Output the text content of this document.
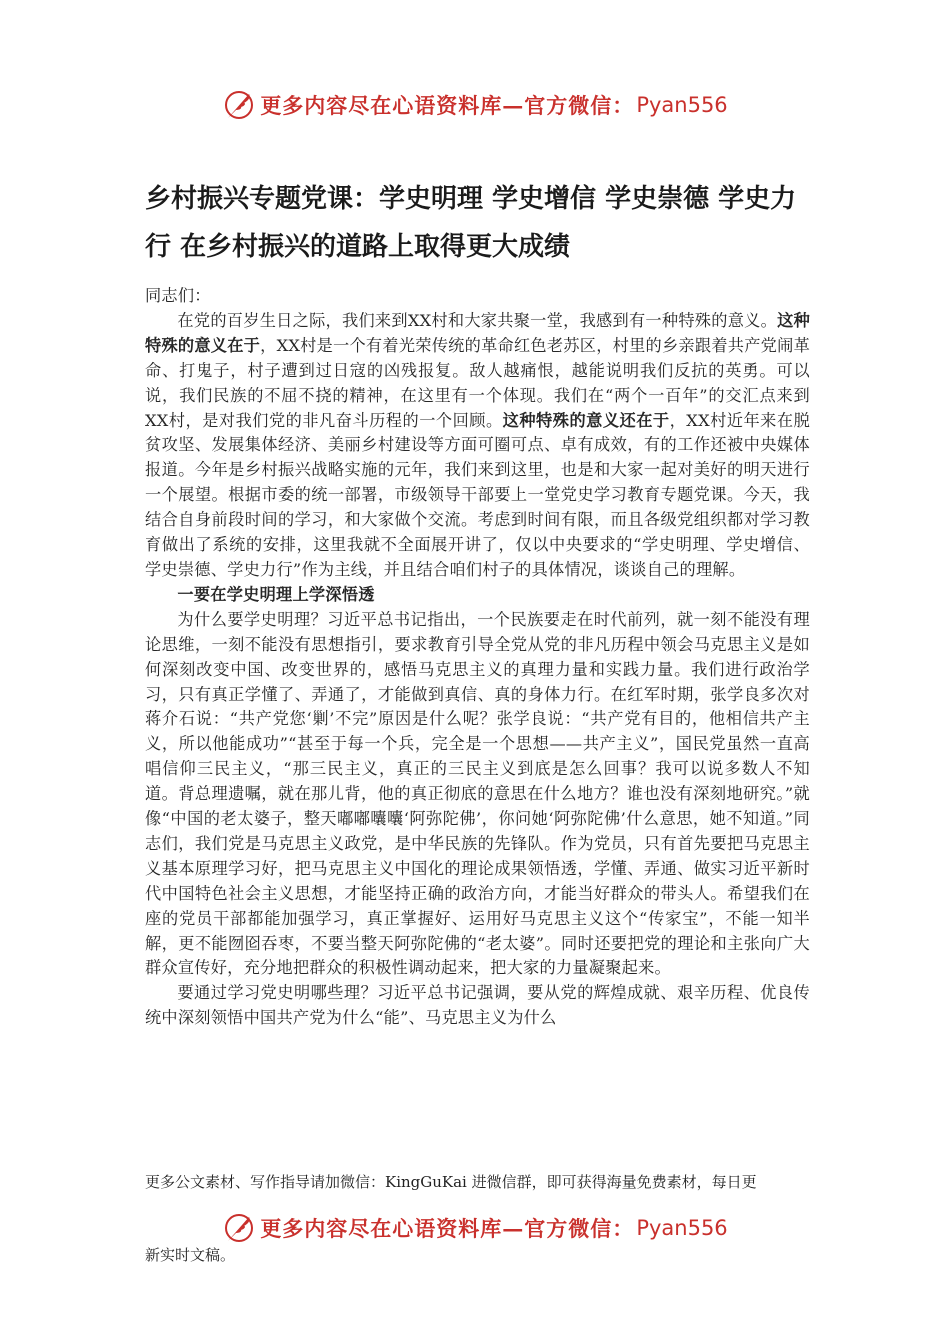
更多内容尽在心语资料库—官方微信： Pyan556
乡村振兴专题党课：学史明理 学史增信 学史崇德 学史力行 在乡村振兴的道路上取得更大成绩

同志们：

在党的百岁生日之际，我们来到XX村和大家共聚一堂，我感到有一种特殊的意义。这种特殊的意义在于，XX村是一个有着光荣传统的革命红色老苏区，村里的乡亲跟着共产党闹革命、打鬼子，村子遭到过日寇的凶残报复。敌人越痛恨，越能说明我们反抗的英勇。可以说，我们民族的不屈不挠的精神，在这里有一个体现。我们在“两个一百年”的交汇点来到XX村，是对我们党的非凡奋斗历程的一个回顾。这种特殊的意义还在于，XX村近年来在脱贫攻坚、发展集体经济、美丽乡村建设等方面可圈可点、卓有成效，有的工作还被中央媒体报道。今年是乡村振兴战略实施的元年，我们来到这里，也是和大家一起对美好的明天进行一个展望。根据市委的统一部署，市级领导干部要上一堂党史学习教育专题党课。今天，我结合自身前段时间的学习，和大家做个交流。考虑到时间有限，而且各级党组织都对学习教育做出了系统的安排，这里我就不全面展开讲了，仅以中央要求的“学史明理、学史增信、学史崇德、学史力行”作为主线，并且结合咱们村子的具体情况，谈谈自己的理解。

一要在学史明理上学深悟透

为什么要学史明理？习近平总书记指出，一个民族要走在时代前列，就一刻不能没有理论思维，一刻不能没有思想指引，要求教育引导全党从党的非凡历程中领会马克思主义是如何深刻改变中国、改变世界的，感悟马克思主义的真理力量和实践力量。我们进行政治学习，只有真正学懂了、弄通了，才能做到真信、真的身体力行。在红军时期，张学良多次对蒋介石说：“共产党您‘剿’不完”原因是什么呢？张学良说：“共产党有目的，他相信共产主义，所以他能成功”“甚至于每一个兵，完全是一个思想——共产主义”，国民党虽然一直高唱信仰三民主义，“那三民主义，真正的三民主义到底是怎么回事？我可以说多数人不知道。背总理遗嘱，就在那儿背，他的真正彻底的意思在什么地方？谁也没有深刻地研究。”就像“中国的老太婆子，整天嘟嘟囔囔‘阿弥陀佛’，你问她‘阿弥陀佛’什么意思，她不知道。”同志们，我们党是马克思主义政党，是中华民族的先锋队。作为党员，只有首先要把马克思主义基本原理学习好，把马克思主义中国化的理论成果领悟透，学懂、弄通、做实习近平新时代中国特色社会主义思想，才能坚持正确的政治方向，才能当好群众的带头人。希望我们在座的党员干部都能加强学习，真正掌握好、运用好马克思主义这个“传家宝”，不能一知半解，更不能囫囵吞枣，不要当整天阿弥陀佛的“老太婆”。同时还要把党的理论和主张向广大群众宣传好，充分地把群众的积极性调动起来，把大家的力量凝聚起来。

要通过学习党史明哪些理？习近平总书记强调，要从党的辉煌成就、艰辛历程、优良传统中深刻领悟中国共产党为什么“能”、马克思主义为什么

更多公文素材、写作指导请加微信：KingGuKai 进微信群，即可获得海量免费素材，每日更
更多内容尽在心语资料库—官方微信： Pyan556
新实时文稿。
